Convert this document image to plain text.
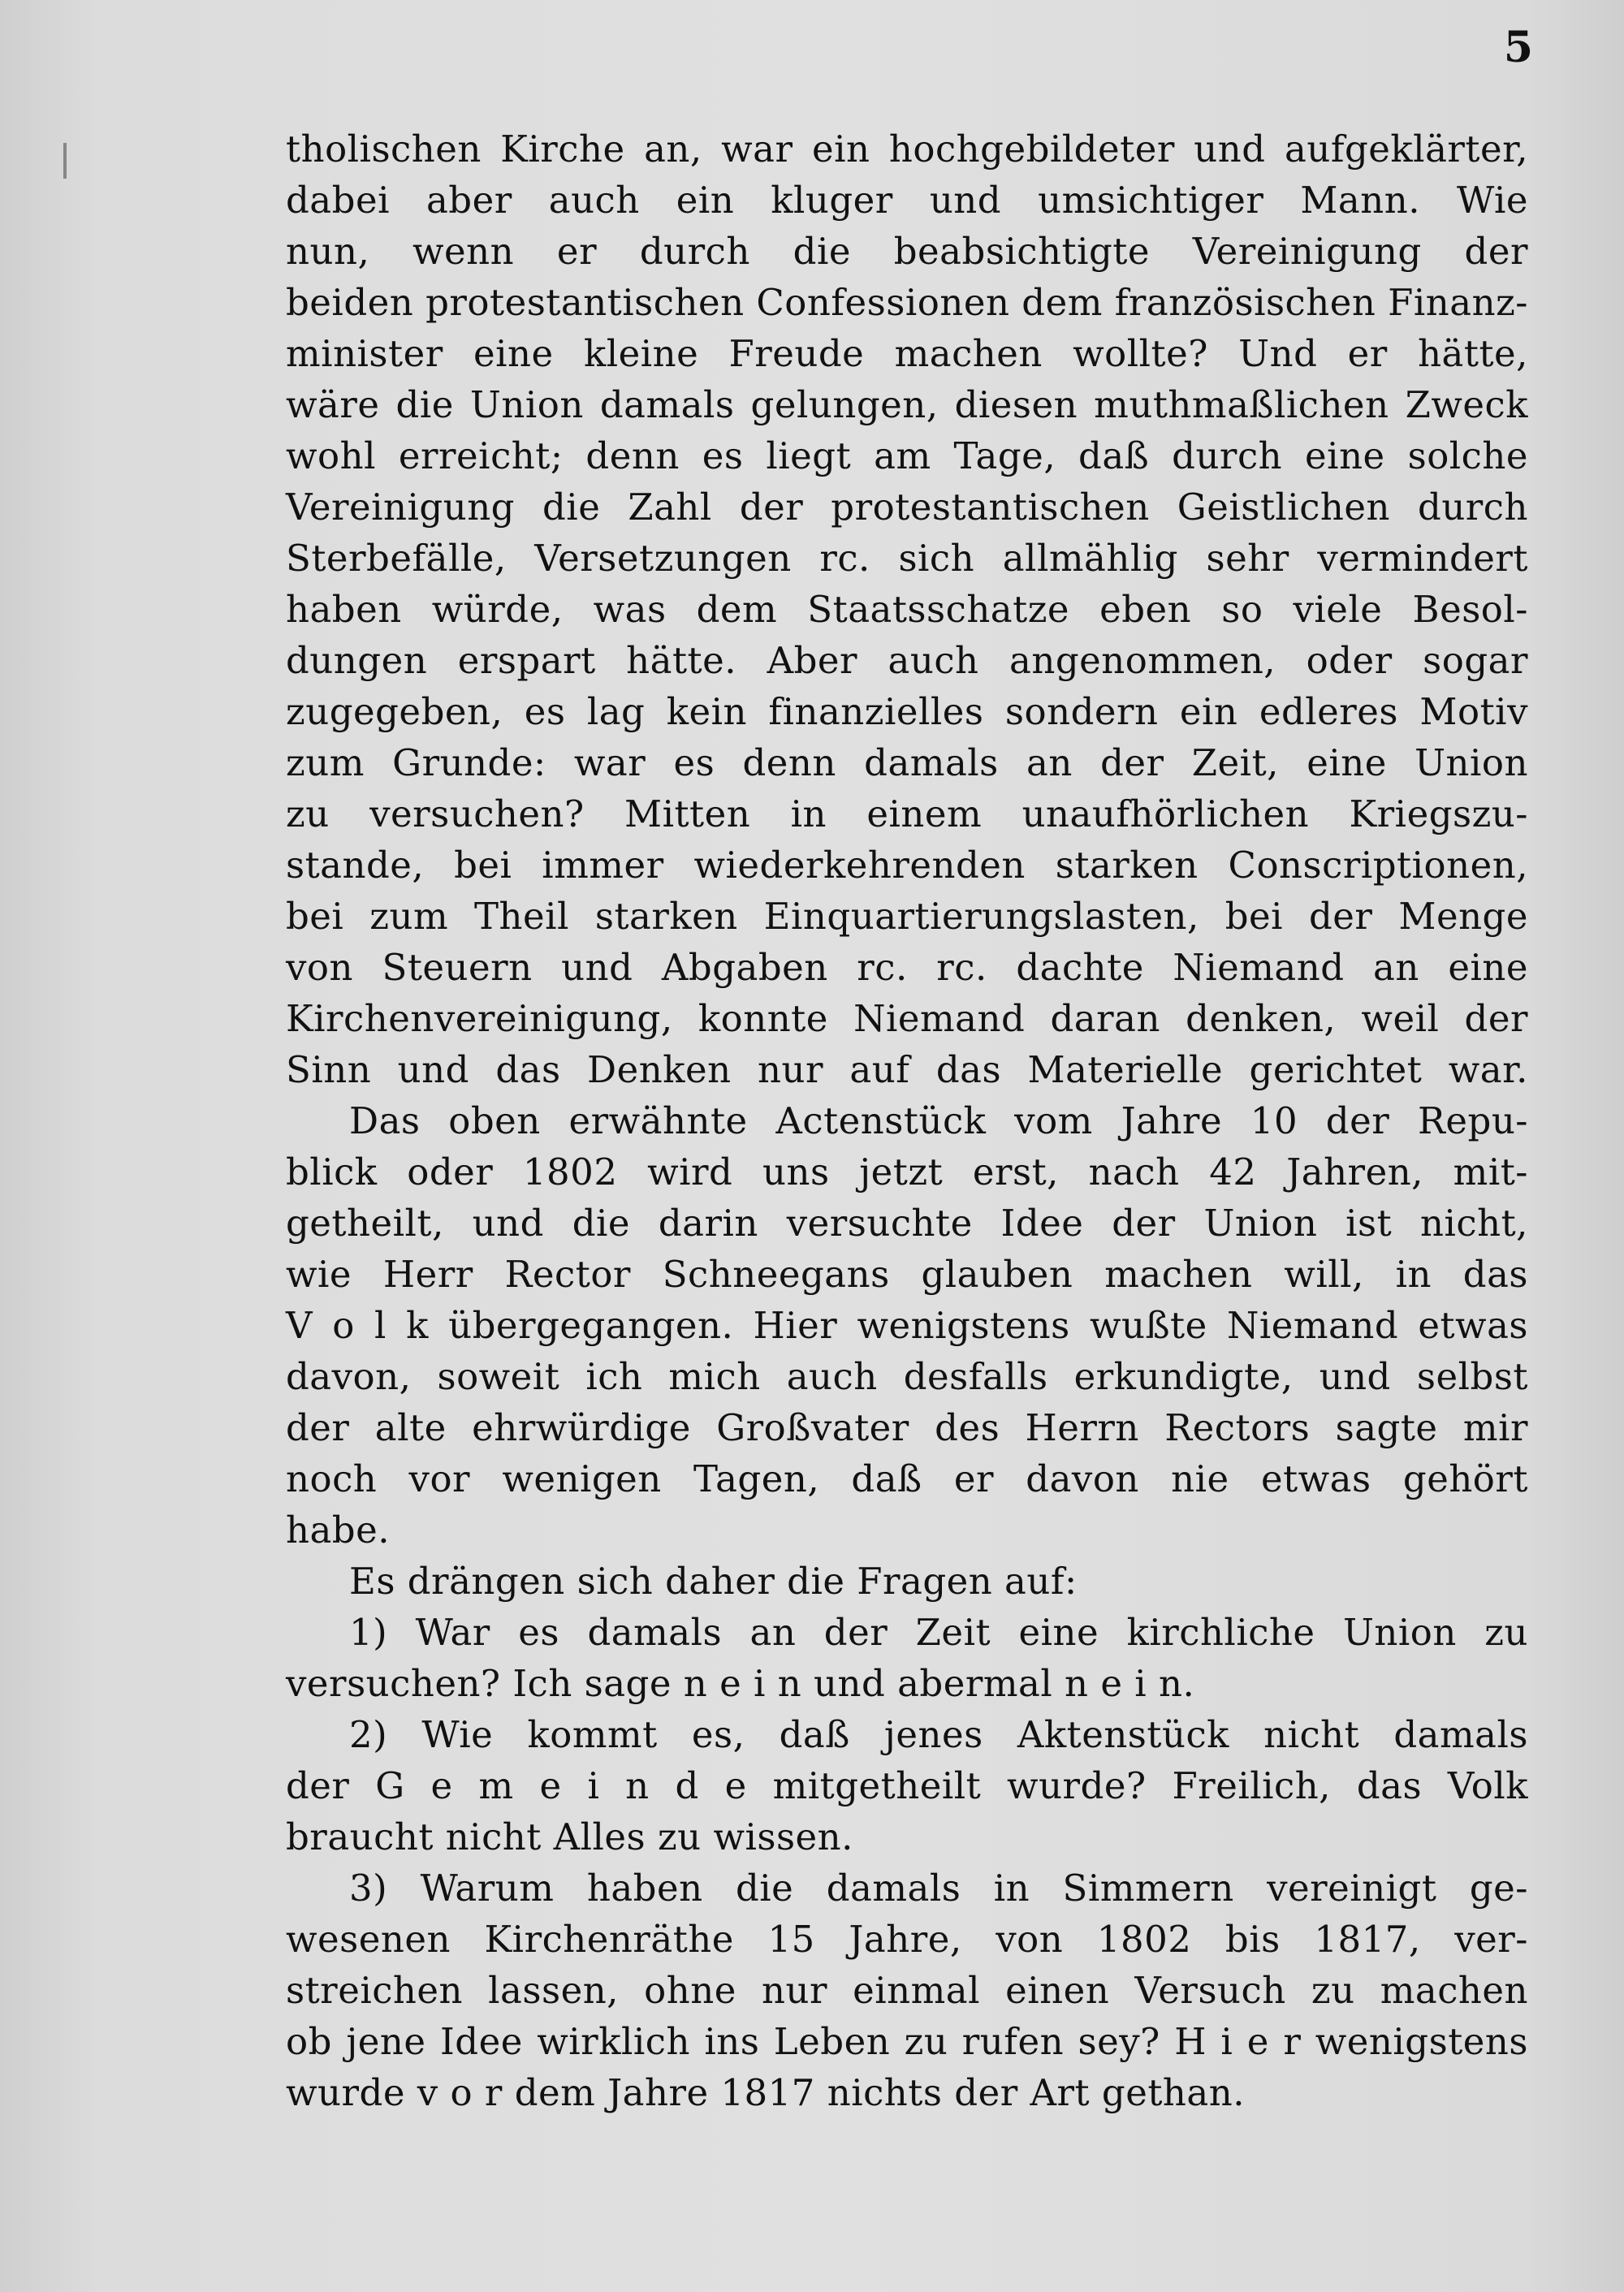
5
tholischen Kirche an, war ein hochgebildeter und aufgeklärter,
dabei aber auch ein kluger und umsichtiger Mann. Wie
nun, wenn er durch die beabsichtigte Vereinigung der
beiden protestantischen Confessionen dem französischen Finanz-
minister eine kleine Freude machen wollte? Und er hätte,
wäre die Union damals gelungen, diesen muthmaßlichen Zweck
wohl erreicht; denn es liegt am Tage, daß durch eine solche
Vereinigung die Zahl der protestantischen Geistlichen durch
Sterbefälle, Versetzungen rc. sich allmählig sehr vermindert
haben würde, was dem Staatsschatze eben so viele Besol-
dungen erspart hätte. Aber auch angenommen, oder sogar
zugegeben, es lag kein finanzielles sondern ein edleres Motiv
zum Grunde: war es denn damals an der Zeit, eine Union
zu versuchen? Mitten in einem unaufhörlichen Kriegszu-
stande, bei immer wiederkehrenden starken Conscriptionen,
bei zum Theil starken Einquartierungslasten, bei der Menge
von Steuern und Abgaben rc. rc. dachte Niemand an eine
Kirchenvereinigung, konnte Niemand daran denken, weil der
Sinn und das Denken nur auf das Materielle gerichtet war.
Das oben erwähnte Actenstück vom Jahre 10 der Repu-
blick oder 1802 wird uns jetzt erst, nach 42 Jahren, mit-
getheilt, und die darin versuchte Idee der Union ist nicht,
wie Herr Rector Schneegans glauben machen will, in das
V o l k übergegangen. Hier wenigstens wußte Niemand etwas
davon, soweit ich mich auch desfalls erkundigte, und selbst
der alte ehrwürdige Großvater des Herrn Rectors sagte mir
noch vor wenigen Tagen, daß er davon nie etwas gehört
habe.
Es drängen sich daher die Fragen auf:
1) War es damals an der Zeit eine kirchliche Union zu
versuchen? Ich sage n e i n und abermal n e i n.
2) Wie kommt es, daß jenes Aktenstück nicht damals
der G e m e i n d e mitgetheilt wurde? Freilich, das Volk
braucht nicht Alles zu wissen.
3) Warum haben die damals in Simmern vereinigt ge-
wesenen Kirchenräthe 15 Jahre, von 1802 bis 1817, ver-
streichen lassen, ohne nur einmal einen Versuch zu machen
ob jene Idee wirklich ins Leben zu rufen sey? H i e r wenigstens
wurde v o r dem Jahre 1817 nichts der Art gethan.
